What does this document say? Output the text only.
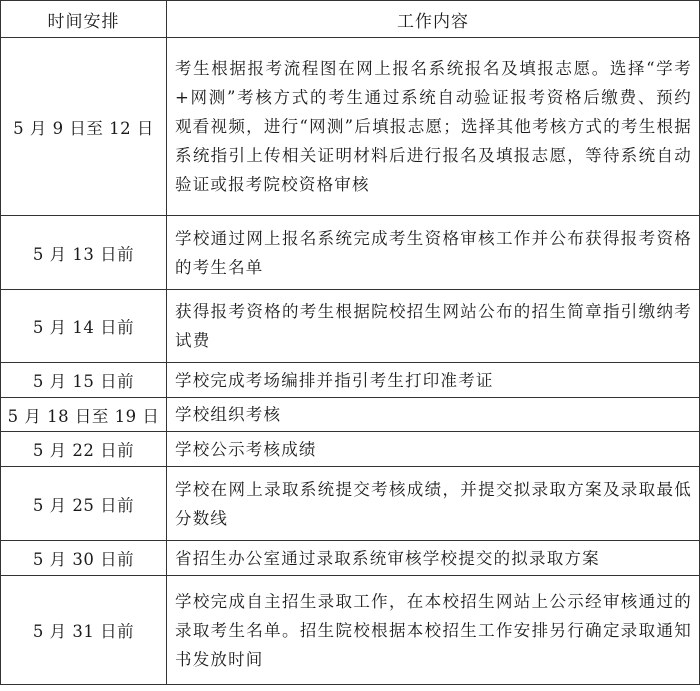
时间安排	工作内容
5 月 9 日至 12 日	考生根据报考流程图在网上报名系统报名及填报志愿。选择“学考+网测”考核方式的考生通过系统自动验证报考资格后缴费、预约观看视频，进行“网测”后填报志愿；选择其他考核方式的考生根据系统指引上传相关证明材料后进行报名及填报志愿，等待系统自动验证或报考院校资格审核
5 月 13 日前	学校通过网上报名系统完成考生资格审核工作并公布获得报考资格的考生名单
5 月 14 日前	获得报考资格的考生根据院校招生网站公布的招生简章指引缴纳考试费
5 月 15 日前	学校完成考场编排并指引考生打印准考证
5 月 18 日至 19 日	学校组织考核
5 月 22 日前	学校公示考核成绩
5 月 25 日前	学校在网上录取系统提交考核成绩，并提交拟录取方案及录取最低分数线
5 月 30 日前	省招生办公室通过录取系统审核学校提交的拟录取方案
5 月 31 日前	学校完成自主招生录取工作，在本校招生网站上公示经审核通过的录取考生名单。招生院校根据本校招生工作安排另行确定录取通知书发放时间
